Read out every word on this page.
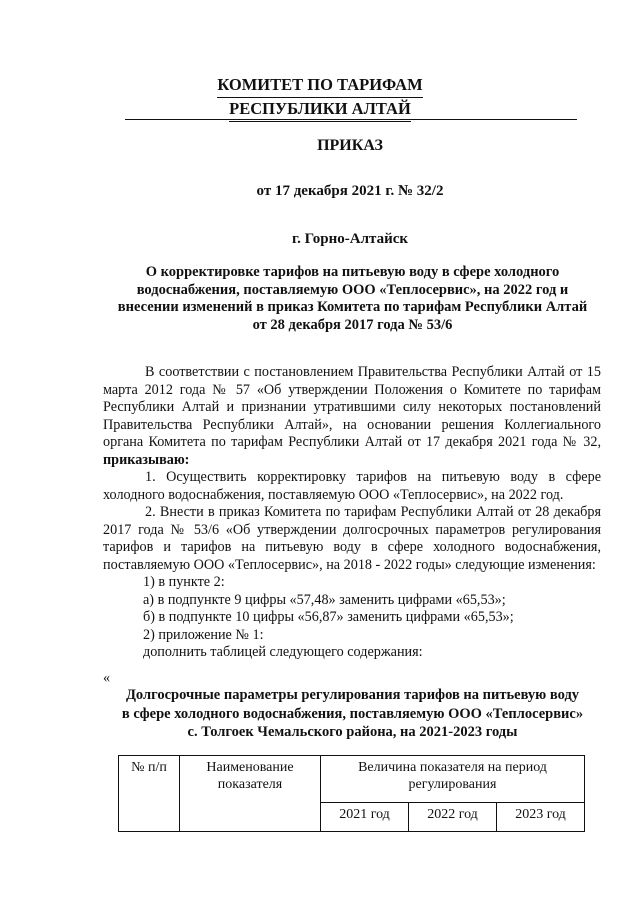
КОМИТЕТ ПО ТАРИФАМ
РЕСПУБЛИКИ АЛТАЙ
ПРИКАЗ
от 17 декабря 2021 г. № 32/2
г. Горно-Алтайск
О корректировке тарифов на питьевую воду в сфере холодного
водоснабжения, поставляемую ООО «Теплосервис», на 2022 год и
внесении изменений в приказ Комитета по тарифам Республики Алтай
от 28 декабря 2017 года № 53/6

В соответствии с постановлением Правительства Республики Алтай от 15 марта 2012 года № 57 «Об утверждении Положения о Комитете по тарифам Республики Алтай и признании утратившими силу некоторых постановлений Правительства Республики Алтай», на основании решения Коллегиального органа Комитета по тарифам Республики Алтай от 17 декабря 2021 года № 32, приказываю:

1. Осуществить корректировку тарифов на питьевую воду в сфере холодного водоснабжения, поставляемую ООО «Теплосервис», на 2022 год.

2. Внести в приказ Комитета по тарифам Республики Алтай от 28 декабря 2017 года № 53/6 «Об утверждении долгосрочных параметров регулирования тарифов и тарифов на питьевую воду в сфере холодного водоснабжения, поставляемую ООО «Теплосервис», на 2018 - 2022 годы» следующие изменения:

1) в пункте 2:

а) в подпункте 9 цифры «57,48» заменить цифрами «65,53»;

б) в подпункте 10 цифры «56,87» заменить цифрами «65,53»;

2) приложение № 1:

дополнить таблицей следующего содержания:

«
Долгосрочные параметры регулирования тарифов на питьевую воду
в сфере холодного водоснабжения, поставляемую ООО «Теплосервис»
с. Толгоек Чемальского района, на 2021-2023 годы
№ п/п	Наименование показателя	Величина показателя на период регулирования		
		2021 год	2022 год	2023 год
